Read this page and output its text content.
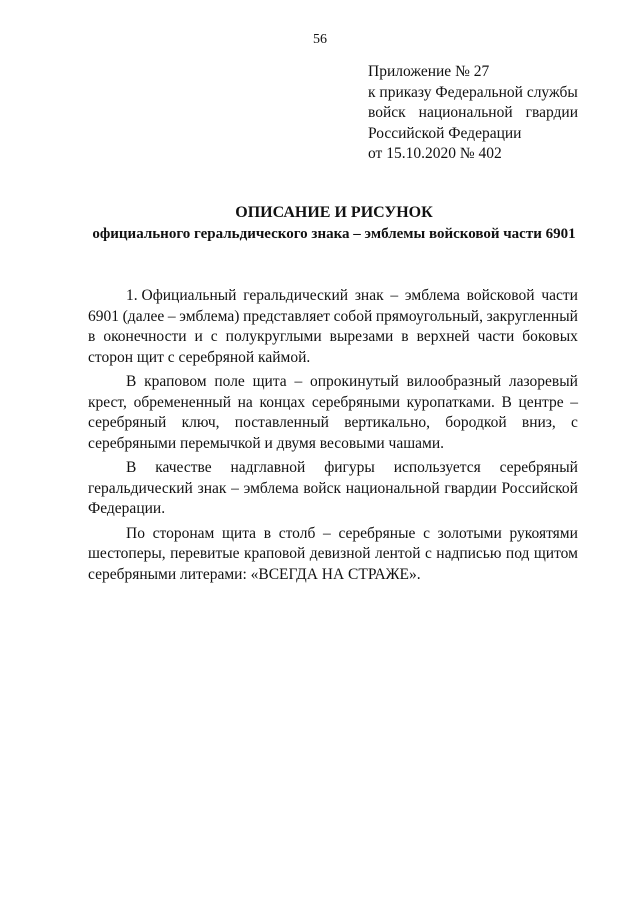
56
Приложение № 27
к приказу Федеральной службы
войск национальной гвардии
Российской Федерации
от 15.10.2020 № 402
ОПИСАНИЕ И РИСУНОК
официального геральдического знака – эмблемы войсковой части 6901
1. Официальный геральдический знак – эмблема войсковой части
6901 (далее – эмблема) представляет собой прямоугольный, закругленный
в оконечности и с полукруглыми вырезами в верхней части боковых
сторон щит с серебряной каймой.
В краповом поле щита – опрокинутый вилообразный лазоревый
крест, обремененный на концах серебряными куропатками. В центре –
серебряный ключ, поставленный вертикально, бородкой вниз, с
серебряными перемычкой и двумя весовыми чашами.
В качестве надглавной фигуры используется серебряный
геральдический знак – эмблема войск национальной гвардии Российской
Федерации.
По сторонам щита в столб – серебряные с золотыми рукоятями
шестоперы, перевитые краповой девизной лентой с надписью под щитом
серебряными литерами: «ВСЕГДА НА СТРАЖЕ».
